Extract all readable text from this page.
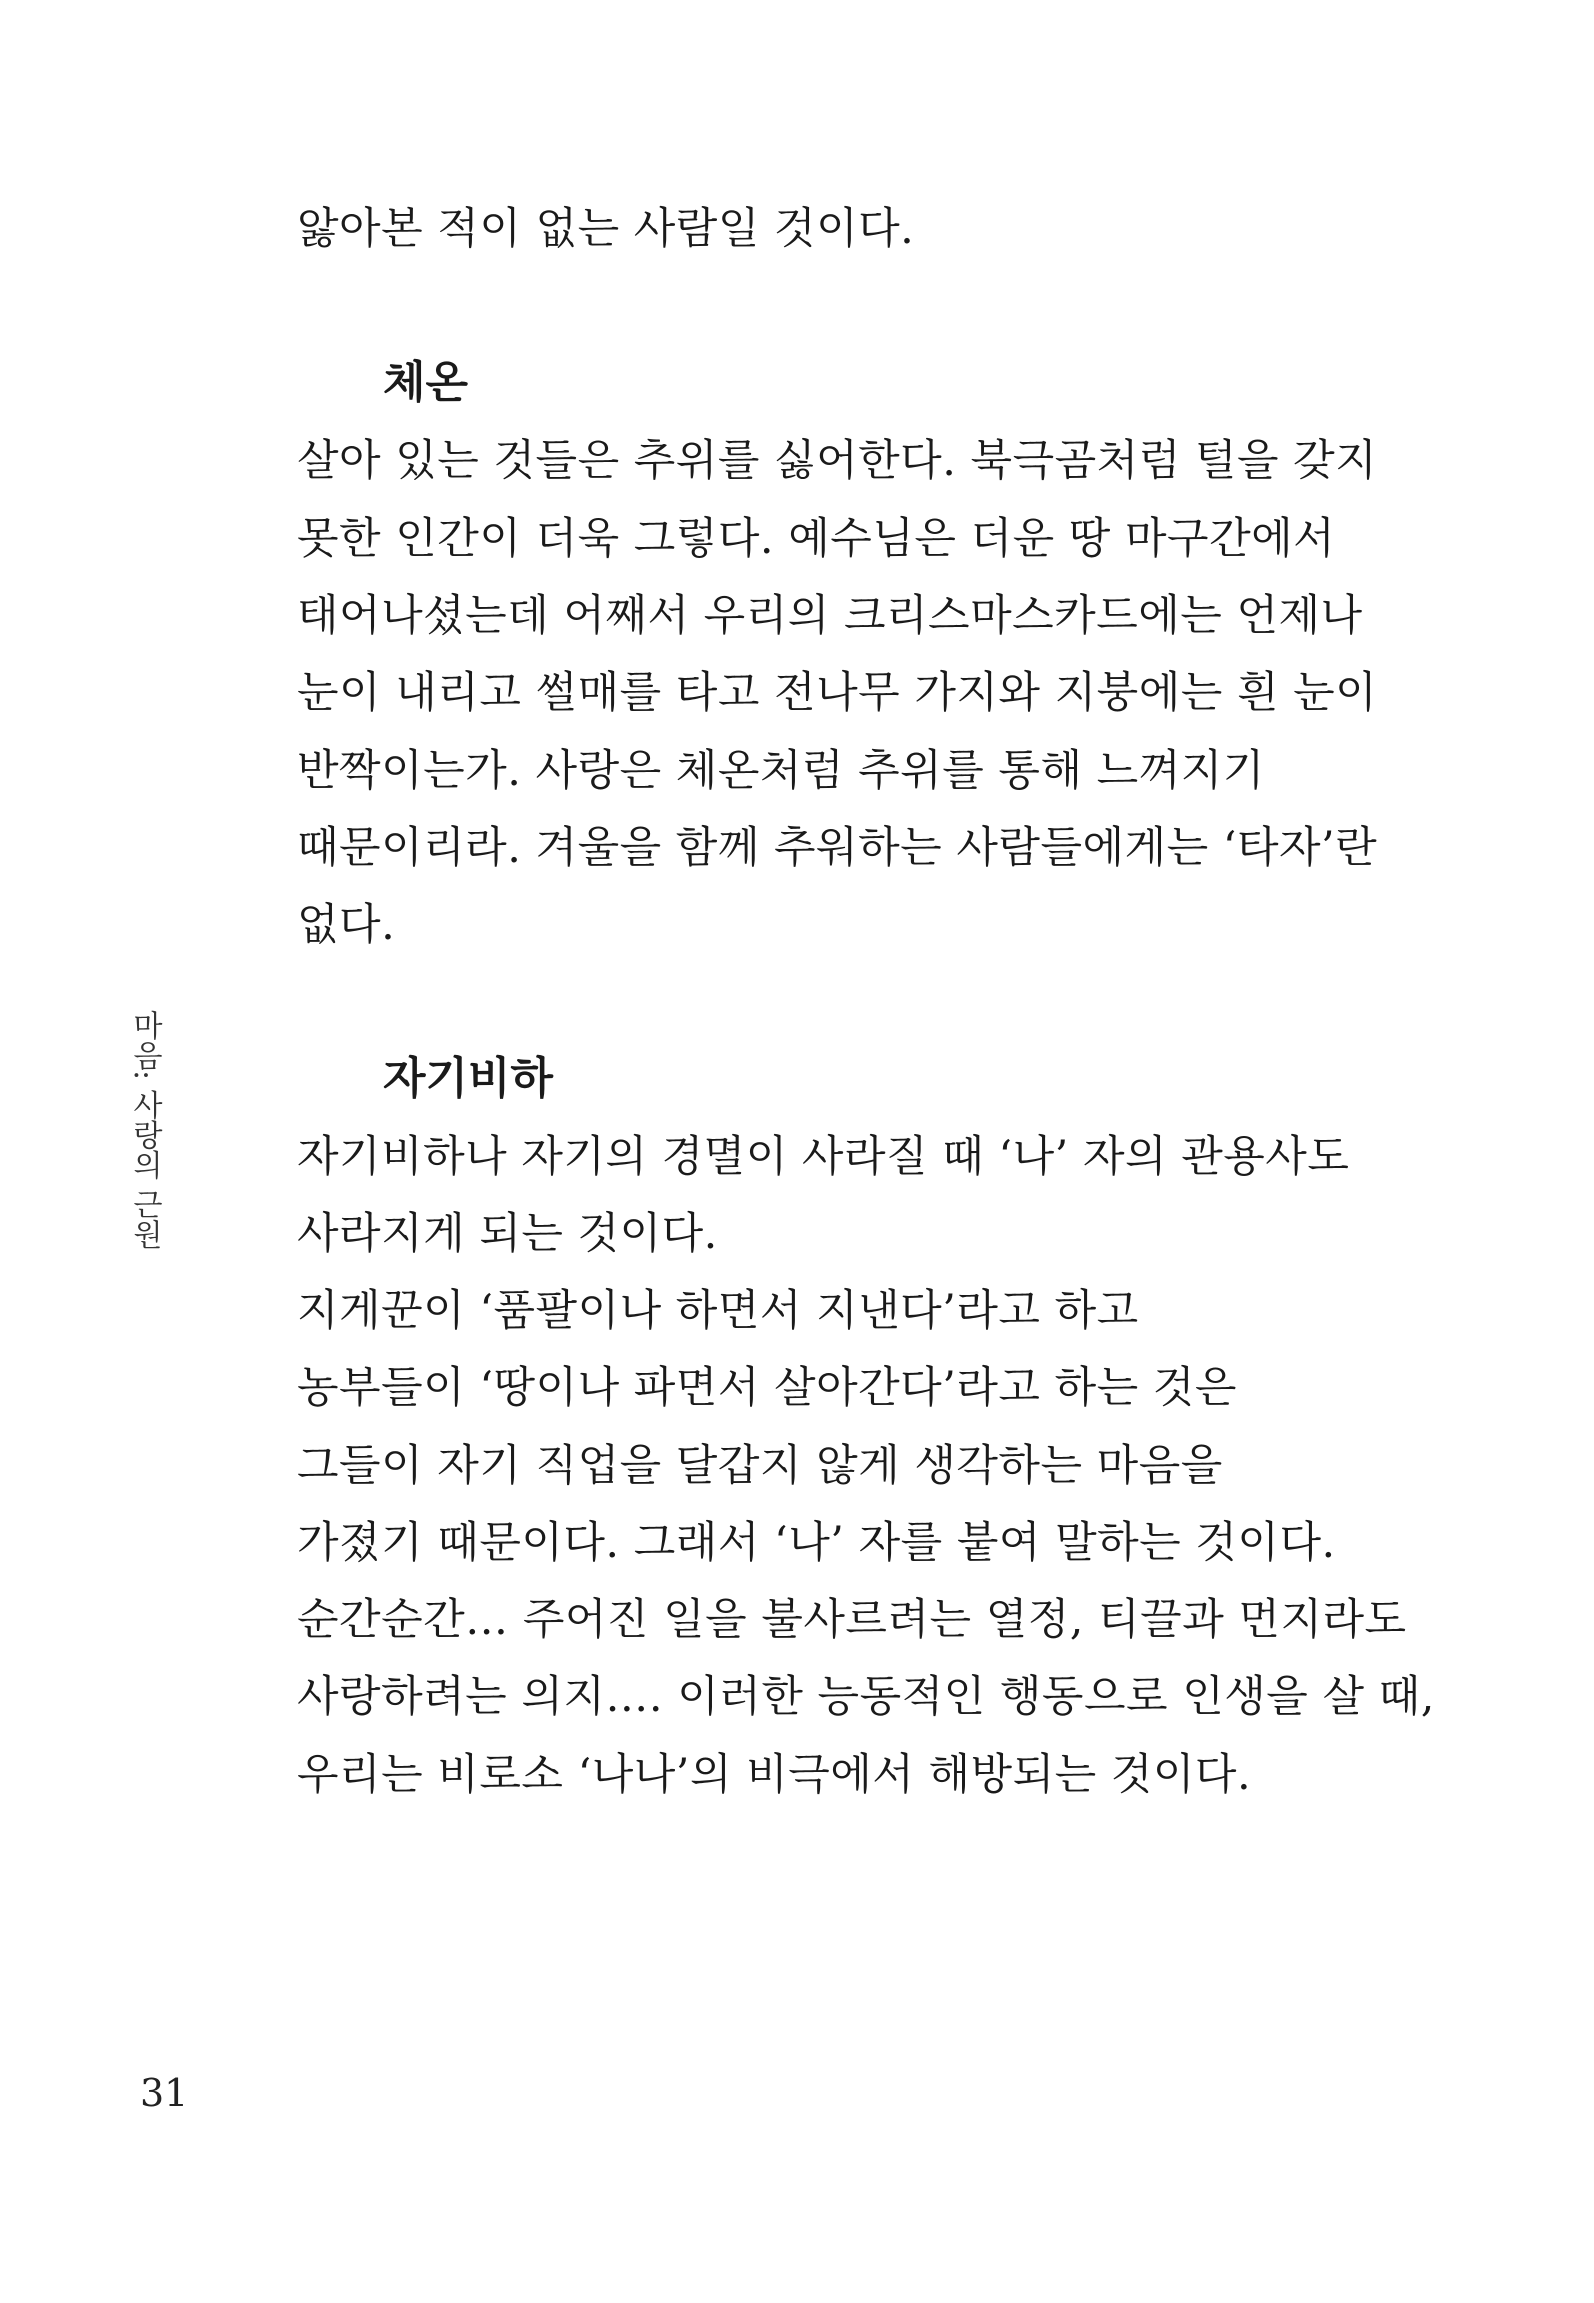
마음: 사랑의 근원
앓아본 적이 없는 사람일 것이다.
체온
살아 있는 것들은 추위를 싫어한다. 북극곰처럼 털을 갖지
못한 인간이 더욱 그렇다. 예수님은 더운 땅 마구간에서
태어나셨는데 어째서 우리의 크리스마스카드에는 언제나
눈이 내리고 썰매를 타고 전나무 가지와 지붕에는 흰 눈이
반짝이는가. 사랑은 체온처럼 추위를 통해 느껴지기
때문이리라. 겨울을 함께 추워하는 사람들에게는 ‘타자’란
없다.
자기비하
자기비하나 자기의 경멸이 사라질 때 ‘나’ 자의 관용사도
사라지게 되는 것이다.
지게꾼이 ‘품팔이나 하면서 지낸다’라고 하고
농부들이 ‘땅이나 파면서 살아간다’라고 하는 것은
그들이 자기 직업을 달갑지 않게 생각하는 마음을
가졌기 때문이다. 그래서 ‘나’ 자를 붙여 말하는 것이다.
순간순간… 주어진 일을 불사르려는 열정, 티끌과 먼지라도
사랑하려는 의지…. 이러한 능동적인 행동으로 인생을 살 때,
우리는 비로소 ‘나나’의 비극에서 해방되는 것이다.
31
